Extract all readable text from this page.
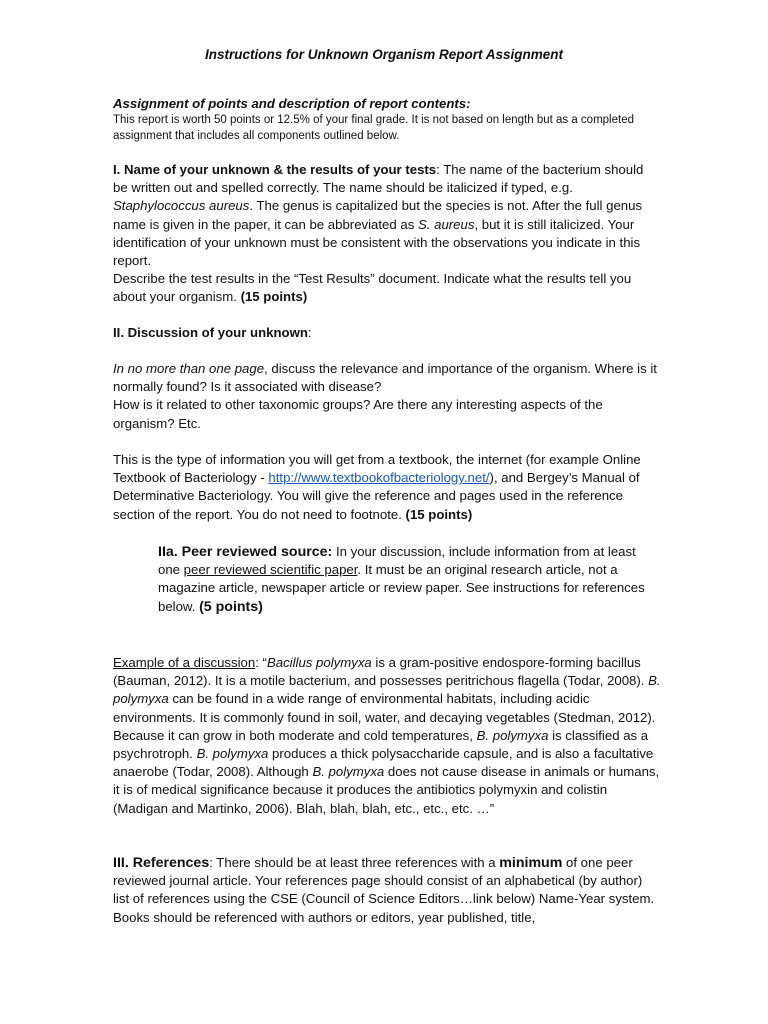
Instructions for Unknown Organism Report Assignment

Assignment of points and description of report contents:

This report is worth 50 points or 12.5% of your final grade. It is not based on length but as a completed assignment that includes all components outlined below.

I. Name of your unknown & the results of your tests: The name of the bacterium should be written out and spelled correctly. The name should be italicized if typed, e.g. Staphylococcus aureus. The genus is capitalized but the species is not. After the full genus name is given in the paper, it can be abbreviated as S. aureus, but it is still italicized. Your identification of your unknown must be consistent with the observations you indicate in this report.

Describe the test results in the “Test Results” document. Indicate what the results tell you about your organism. (15 points)

II. Discussion of your unknown:

In no more than one page, discuss the relevance and importance of the organism. Where is it normally found? Is it associated with disease?

How is it related to other taxonomic groups? Are there any interesting aspects of the organism? Etc.

This is the type of information you will get from a textbook, the internet (for example Online Textbook of Bacteriology - http://www.textbookofbacteriology.net/), and Bergey’s Manual of Determinative Bacteriology. You will give the reference and pages used in the reference section of the report. You do not need to footnote. (15 points)

IIa. Peer reviewed source: In your discussion, include information from at least one peer reviewed scientific paper. It must be an original research article, not a magazine article, newspaper article or review paper. See instructions for references below. (5 points)

Example of a discussion: “Bacillus polymyxa is a gram-positive endospore-forming bacillus (Bauman, 2012). It is a motile bacterium, and possesses peritrichous flagella (Todar, 2008). B. polymyxa can be found in a wide range of environmental habitats, including acidic environments. It is commonly found in soil, water, and decaying vegetables (Stedman, 2012). Because it can grow in both moderate and cold temperatures, B. polymyxa is classified as a psychrotroph. B. polymyxa produces a thick polysaccharide capsule, and is also a facultative anaerobe (Todar, 2008). Although B. polymyxa does not cause disease in animals or humans, it is of medical significance because it produces the antibiotics polymyxin and colistin (Madigan and Martinko, 2006). Blah, blah, blah, etc., etc., etc. …”

III. References: There should be at least three references with a minimum of one peer reviewed journal article. Your references page should consist of an alphabetical (by author) list of references using the CSE (Council of Science Editors…link below) Name-Year system. Books should be referenced with authors or editors, year published, title,
